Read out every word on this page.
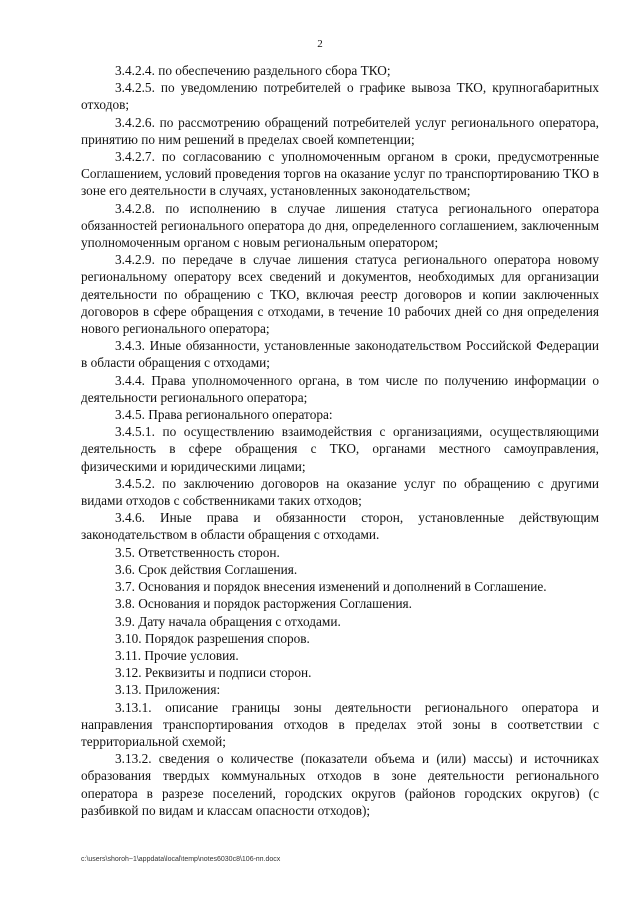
2

3.4.2.4. по обеспечению раздельного сбора ТКО;

3.4.2.5. по уведомлению потребителей о графике вывоза ТКО, крупногабаритных отходов;

3.4.2.6. по рассмотрению обращений потребителей услуг регионального оператора, принятию по ним решений в пределах своей компетенции;

3.4.2.7. по согласованию с уполномоченным органом в сроки, предусмотренные Соглашением, условий проведения торгов на оказание услуг по транспортированию ТКО в зоне его деятельности в случаях, установленных законодательством;

3.4.2.8. по исполнению в случае лишения статуса регионального оператора обязанностей регионального оператора до дня, определенного соглашением, заключенным уполномоченным органом с новым региональным оператором;

3.4.2.9. по передаче в случае лишения статуса регионального оператора новому региональному оператору всех сведений и документов, необходимых для организации деятельности по обращению с ТКО, включая реестр договоров и копии заключенных договоров в сфере обращения с отходами, в течение 10 рабочих дней со дня определения нового регионального оператора;

3.4.3. Иные обязанности, установленные законодательством Российской Федерации в области обращения с отходами;

3.4.4. Права уполномоченного органа, в том числе по получению информации о деятельности регионального оператора;

3.4.5. Права регионального оператора:

3.4.5.1. по осуществлению взаимодействия с организациями, осуществляющими деятельность в сфере обращения с ТКО, органами местного самоуправления, физическими и юридическими лицами;

3.4.5.2. по заключению договоров на оказание услуг по обращению с другими видами отходов с собственниками таких отходов;

3.4.6. Иные права и обязанности сторон, установленные действующим законодательством в области обращения с отходами.

3.5. Ответственность сторон.

3.6. Срок действия Соглашения.

3.7. Основания и порядок внесения изменений и дополнений в Соглашение.

3.8. Основания и порядок расторжения Соглашения.

3.9. Дату начала обращения с отходами.

3.10. Порядок разрешения споров.

3.11. Прочие условия.

3.12. Реквизиты и подписи сторон.

3.13. Приложения:

3.13.1. описание границы зоны деятельности регионального оператора и направления транспортирования отходов в пределах этой зоны в соответствии с территориальной схемой;

3.13.2. сведения о количестве (показатели объема и (или) массы) и источниках образования твердых коммунальных отходов в зоне деятельности регионального оператора в разрезе поселений, городских округов (районов городских округов) (с разбивкой по видам и классам опасности отходов);

c:\users\shoroh~1\appdata\local\temp\notes6030c8\106-пп.docx
